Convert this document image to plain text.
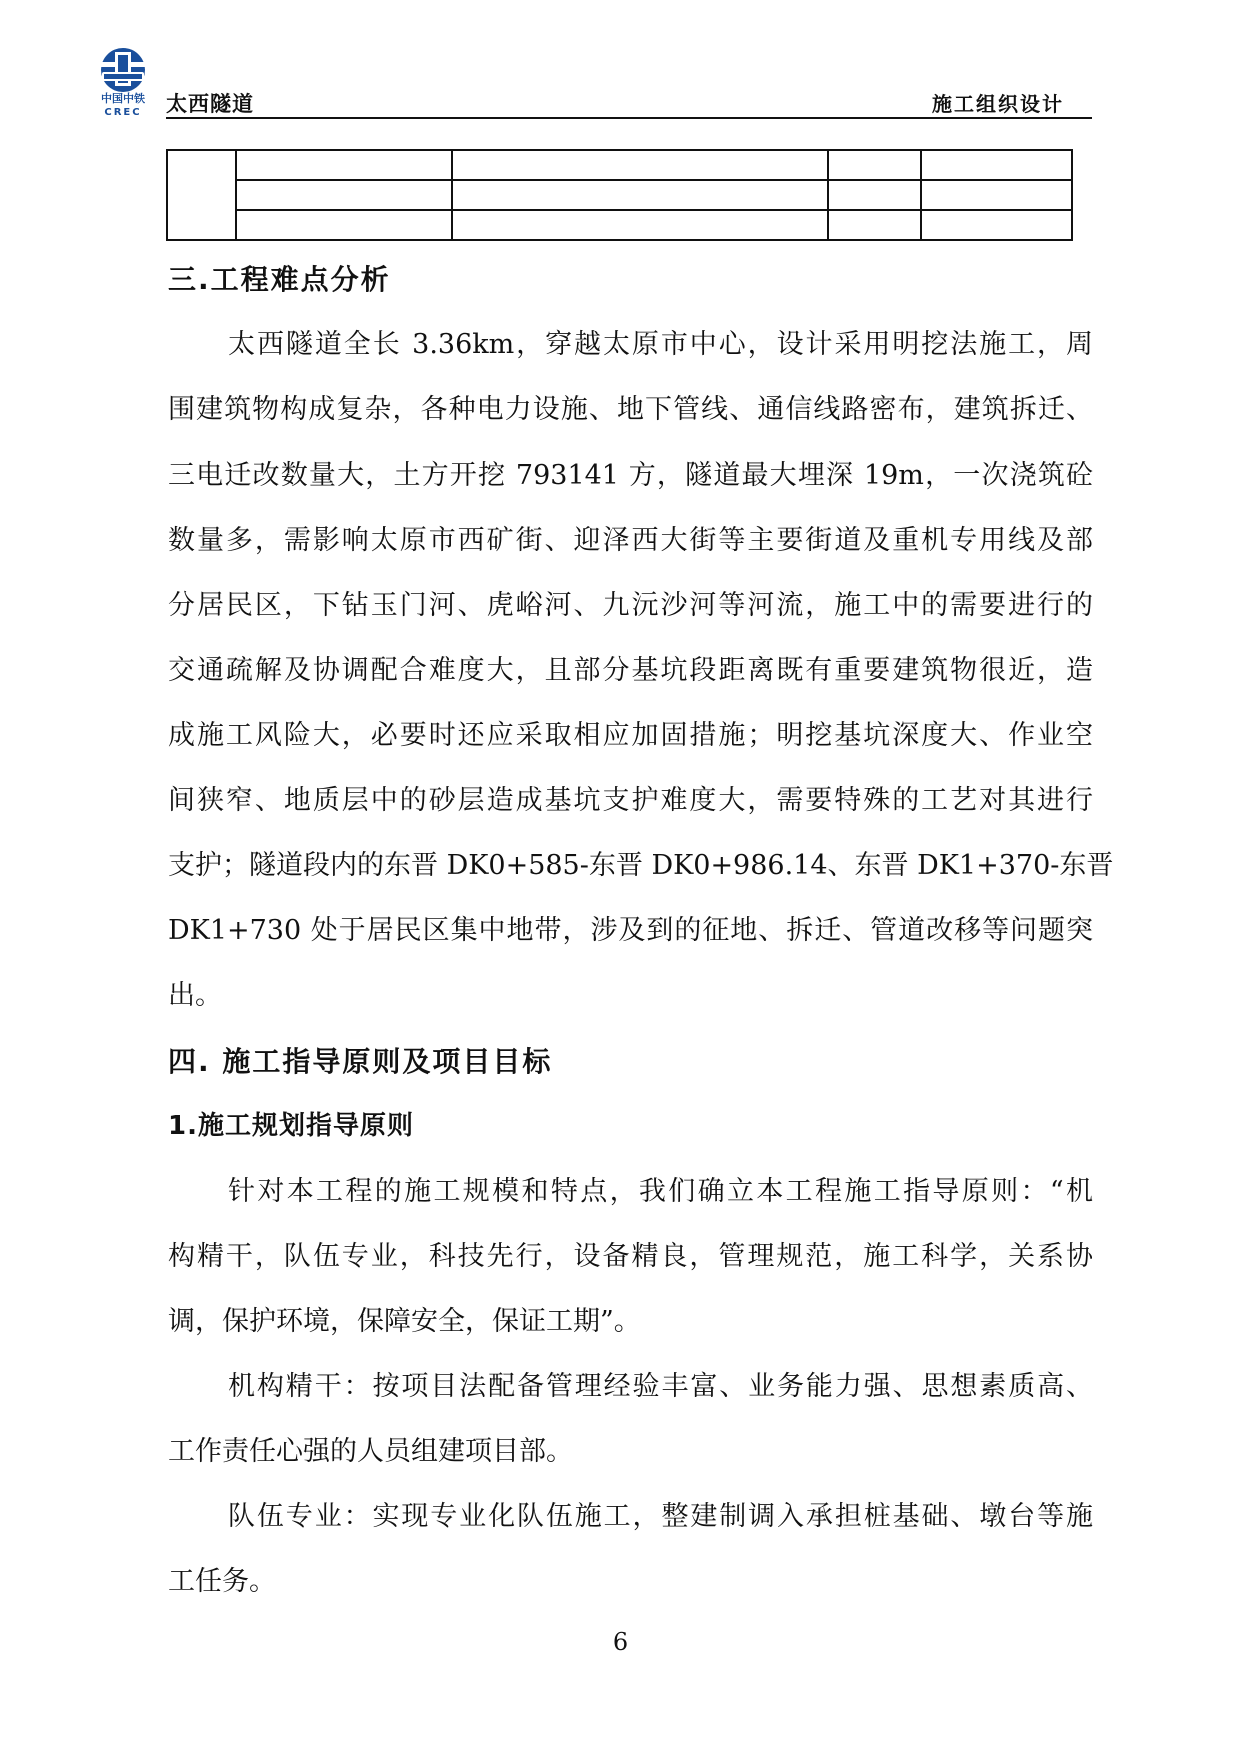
中国中铁
CREC 太西隧道	施工组织设计
三.工程难点分析
太西隧道全长 3.36km，穿越太原市中心，设计采用明挖法施工，周
围建筑物构成复杂，各种电力设施、地下管线、通信线路密布，建筑拆迁、
三电迁改数量大，土方开挖 793141 方，隧道最大埋深 19m，一次浇筑砼
数量多，需影响太原市西矿街、迎泽西大街等主要街道及重机专用线及部
分居民区，下钻玉门河、虎峪河、九沅沙河等河流，施工中的需要进行的
交通疏解及协调配合难度大，且部分基坑段距离既有重要建筑物很近，造
成施工风险大，必要时还应采取相应加固措施；明挖基坑深度大、作业空
间狭窄、地质层中的砂层造成基坑支护难度大，需要特殊的工艺对其进行
支护；隧道段内的东晋 DK0+585-东晋 DK0+986.14、东晋 DK1+370-东晋
DK1+730 处于居民区集中地带，涉及到的征地、拆迁、管道改移等问题突
出。
四. 施工指导原则及项目目标
1.施工规划指导原则
针对本工程的施工规模和特点，我们确立本工程施工指导原则：“机
构精干，队伍专业，科技先行，设备精良，管理规范，施工科学，关系协
调，保护环境，保障安全，保证工期”。
机构精干：按项目法配备管理经验丰富、业务能力强、思想素质高、
工作责任心强的人员组建项目部。
队伍专业：实现专业化队伍施工，整建制调入承担桩基础、墩台等施
工任务。
6
